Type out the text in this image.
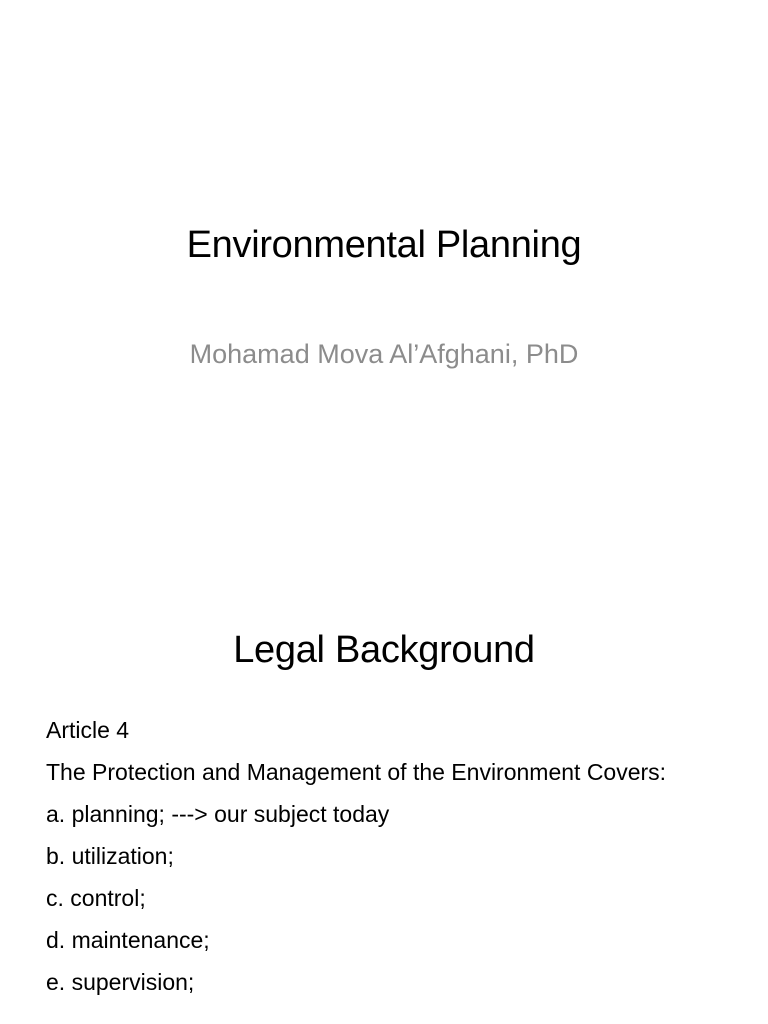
Environmental Planning
Mohamad Mova Al’Afghani, PhD
Legal Background

Article 4

The Protection and Management of the Environment Covers:

a. planning; ---> our subject today

b. utilization;

c. control;

d. maintenance;

e. supervision;
